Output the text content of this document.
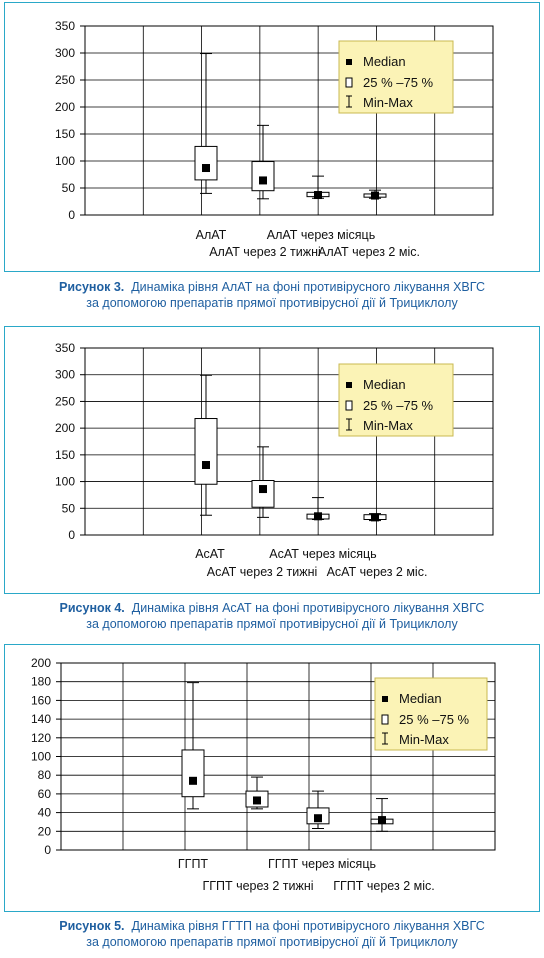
0
50
100
150
200
250
300
350
АлАТ	АлАТ через місяць
АлАТ через 2 тижні
АлАТ через 2 міс.
Median
25 % –75 %
Min-Max
Рисунок 3. Динаміка рівня АлАТ на фоні противірусного лікування ХВГС
за допомогою препаратів прямої противірусної дії й Трициклолу
0
50
100
150
200
250
300
350
АсАТ	АсАТ через місяць
АсАТ через 2 тижні АсАТ через 2 міс.
Median
25 % –75 %
Min-Max
Рисунок 4. Динаміка рівня АсАТ на фоні противірусного лікування ХВГС
за допомогою препаратів прямої противірусної дії й Трициклолу
0
20
40
60
80
100
120
140
160
180
200
ГГПТ	ГГПТ через місяць
ГГПТ через 2 тижні ГГПТ через 2 міс.
Median
25 % –75 %
Min-Max
Рисунок 5. Динаміка рівня ГГТП на фоні противірусного лікування ХВГС
за допомогою препаратів прямої противірусної дії й Трициклолу
